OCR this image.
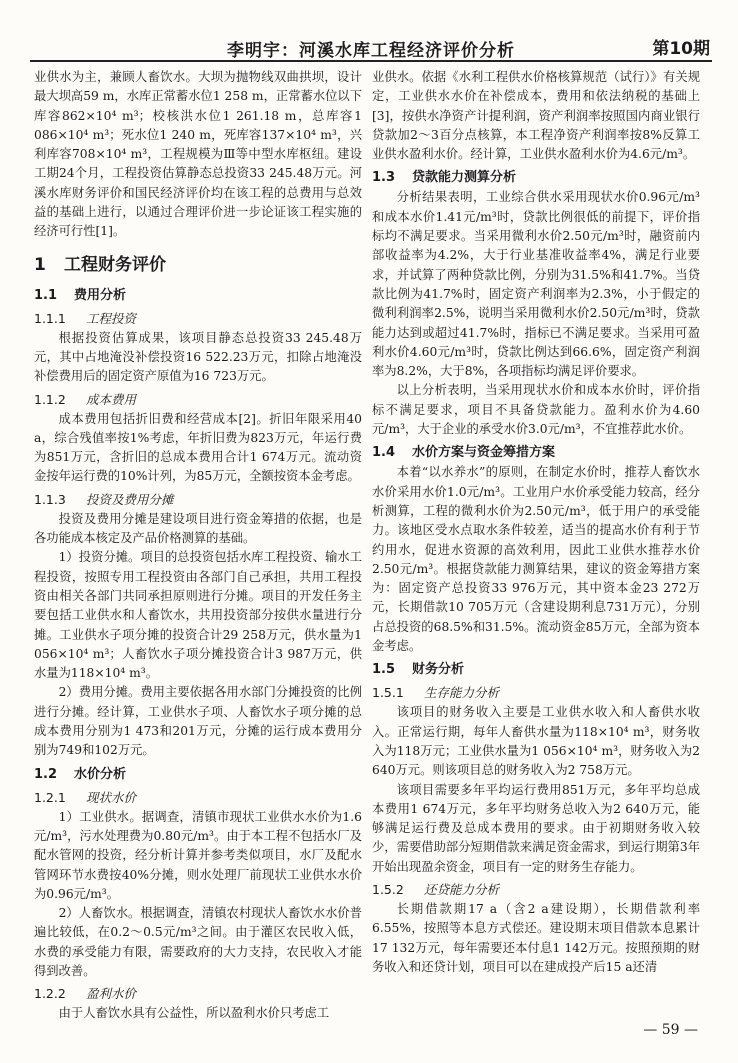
李明宇：河溪水库工程经济评价分析	第10期

业供水为主，兼顾人畜饮水。大坝为抛物线双曲拱坝，设计最大坝高59 m，水库正常蓄水位1 258 m，正常蓄水位以下库容862×10⁴ m³；校核洪水位1 261.18 m，总库容1 086×10⁴ m³；死水位1 240 m，死库容137×10⁴ m³，兴利库容708×10⁴ m³，工程规模为Ⅲ等中型水库枢纽。建设工期24个月，工程投资估算静态总投资33 245.48万元。河溪水库财务评价和国民经济评价均在该工程的总费用与总效益的基础上进行，以通过合理评价进一步论证该工程实施的经济可行性[1]。

1 工程财务评价
1.1 费用分析
1.1.1 工程投资

根据投资估算成果，该项目静态总投资33 245.48万元，其中占地淹没补偿投资16 522.23万元，扣除占地淹没补偿费用后的固定资产原值为16 723万元。

1.1.2 成本费用

成本费用包括折旧费和经营成本[2]。折旧年限采用40 a，综合残值率按1%考虑，年折旧费为823万元，年运行费为851万元，含折旧的总成本费用合计1 674万元。流动资金按年运行费的10%计列，为85万元，全额按资本金考虑。

1.1.3 投资及费用分摊

投资及费用分摊是建设项目进行资金筹措的依据，也是各功能成本核定及产品价格测算的基础。

1）投资分摊。项目的总投资包括水库工程投资、输水工程投资，按照专用工程投资由各部门自己承担，共用工程投资由相关各部门共同承担原则进行分摊。项目的开发任务主要包括工业供水和人畜饮水，共用投资部分按供水量进行分摊。工业供水子项分摊的投资合计29 258万元，供水量为1 056×10⁴ m³；人畜饮水子项分摊投资合计3 987万元，供水量为118×10⁴ m³。

2）费用分摊。费用主要依据各用水部门分摊投资的比例进行分摊。经计算，工业供水子项、人畜饮水子项分摊的总成本费用分别为1 473和201万元，分摊的运行成本费用分别为749和102万元。

1.2 水价分析
1.2.1 现状水价

1）工业供水。据调查，清镇市现状工业供水水价为1.6元/m³，污水处理费为0.80元/m³。由于本工程不包括水厂及配水管网的投资，经分析计算并参考类似项目，水厂及配水管网环节水费按40%分摊，则水处理厂前现状工业供水水价为0.96元/m³。

2）人畜饮水。根据调查，清镇农村现状人畜饮水水价普遍比较低，在0.2～0.5元/m³之间。由于灌区农民收入低，水费的承受能力有限，需要政府的大力支持，农民收入才能得到改善。

1.2.2 盈利水价

由于人畜饮水具有公益性，所以盈利水价只考虑工

业供水。依据《水利工程供水价格核算规范（试行）》有关规定，工业供水水价在补偿成本，费用和依法纳税的基础上[3]，按供水净资产计提利润，资产利润率按照国内商业银行贷款加2～3百分点核算，本工程净资产利润率按8%反算工业供水盈利水价。经计算，工业供水盈利水价为4.6元/m³。

1.3 贷款能力测算分析

分析结果表明，工业综合供水采用现状水价0.96元/m³和成本水价1.41元/m³时，贷款比例很低的前提下，评价指标均不满足要求。当采用微利水价2.50元/m³时，融资前内部收益率为4.2%，大于行业基准收益率4%，满足行业要求，并试算了两种贷款比例，分别为31.5%和41.7%。当贷款比例为41.7%时，固定资产利润率为2.3%，小于假定的微利利润率2.5%，说明当采用微利水价2.50元/m³时，贷款能力达到或超过41.7%时，指标已不满足要求。当采用可盈利水价4.60元/m³时，贷款比例达到66.6%，固定资产利润率为8.2%，大于8%，各项指标均满足评价要求。

以上分析表明，当采用现状水价和成本水价时，评价指标不满足要求，项目不具备贷款能力。盈利水价为4.60元/m³，大于企业的承受水价3.0元/m³，不宜推荐此水价。

1.4 水价方案与资金筹措方案

本着“以水养水”的原则，在制定水价时，推荐人畜饮水水价采用水价1.0元/m³。工业用户水价承受能力较高，经分析测算，工程的微利水价为2.50元/m³，低于用户的承受能力。该地区受水点取水条件较差，适当的提高水价有利于节约用水，促进水资源的高效利用，因此工业供水推荐水价2.50元/m³。根据贷款能力测算结果，建议的资金筹措方案为：固定资产总投资33 976万元，其中资本金23 272万元，长期借款10 705万元（含建设期利息731万元），分别占总投资的68.5%和31.5%。流动资金85万元，全部为资本金考虑。

1.5 财务分析
1.5.1 生存能力分析

该项目的财务收入主要是工业供水收入和人畜供水收入。正常运行期，每年人畜供水量为118×10⁴ m³，财务收入为118万元；工业供水量为1 056×10⁴ m³，财务收入为2 640万元。则该项目总的财务收入为2 758万元。

该项目需要多年平均运行费用851万元，多年平均总成本费用1 674万元，多年平均财务总收入为2 640万元，能够满足运行费及总成本费用的要求。由于初期财务收入较少，需要借助部分短期借款来满足资金需求，到运行期第3年开始出现盈余资金，项目有一定的财务生存能力。

1.5.2 还贷能力分析

长期借款期17 a（含2 a建设期），长期借款利率6.55%，按照等本息方式偿还。建设期末项目借款本息累计17 132万元，每年需要还本付息1 142万元。按照预期的财务收入和还贷计划，项目可以在建成投产后15 a还清

— 59 —
